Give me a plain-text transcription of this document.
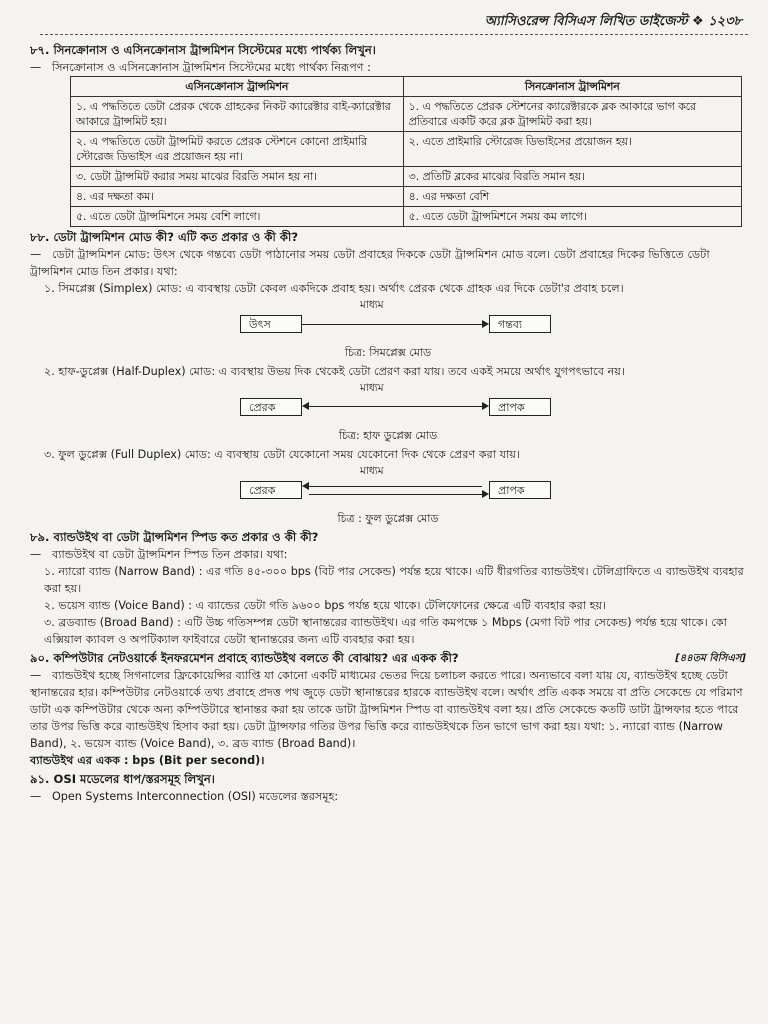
অ্যাসিওরেন্স বিসিএস লিখিত ডাইজেস্ট ❖ ১২৩৮

৮৭. সিনক্রোনাস ও এসিনক্রোনাস ট্রান্সমিশন সিস্টেমের মধ্যে পার্থক্য লিখুন।

— সিনক্রোনাস ও এসিনক্রোনাস ট্রান্সমিশন সিস্টেমের মধ্যে পার্থক্য নিরূপণ :

এসিনক্রোনাস ট্রান্সমিশন	সিনক্রোনাস ট্রান্সমিশন
১. এ পদ্ধতিতে ডেটা প্রেরক থেকে গ্রাহকের নিকট ক্যারেক্টার বাই-ক্যারেক্টার আকারে ট্রান্সমিট হয়।	১. এ পদ্ধতিতে প্রেরক স্টেশনের ক্যারেক্টারকে ব্লক আকারে ভাগ করে প্রতিবারে একটি করে ব্লক ট্রান্সমিট করা হয়।
২. এ পদ্ধতিতে ডেটা ট্রান্সমিট করতে প্রেরক স্টেশনে কোনো প্রাইমারি স্টোরেজ ডিভাইস এর প্রয়োজন হয় না।	২. এতে প্রাইমারি স্টোরেজ ডিভাইসের প্রয়োজন হয়।
৩. ডেটা ট্রান্সমিট করার সময় মাঝের বিরতি সমান হয় না।	৩. প্রতিটি ব্লকের মাঝের বিরতি সমান হয়।
৪. এর দক্ষতা কম।	৪. এর দক্ষতা বেশি
৫. এতে ডেটা ট্রান্সমিশনে সময় বেশি লাগে।	৫. এতে ডেটা ট্রান্সমিশনে সময় কম লাগে।

৮৮. ডেটা ট্রান্সমিশন মোড কী? এটি কত প্রকার ও কী কী?

— ডেটা ট্রান্সমিশন মোড: উৎস থেকে গন্তব্যে ডেটা পাঠানোর সময় ডেটা প্রবাহের দিককে ডেটা ট্রান্সমিশন মোড বলে। ডেটা প্রবাহের দিকের ভিত্তিতে ডেটা ট্রান্সমিশন মোড তিন প্রকার। যথা:

১. সিমপ্লেক্স (Simplex) মোড: এ ব্যবস্থায় ডেটা কেবল একদিকে প্রবাহ হয়। অর্থাৎ প্রেরক থেকে গ্রাহক এর দিকে ডেটা'র প্রবাহ চলে।

মাধ্যম
উৎস	গন্তব্য

চিত্র: সিমপ্লেক্স মোড

২. হাফ-ডুপ্লেক্স (Half-Duplex) মোড: এ ব্যবস্থায় উভয় দিক থেকেই ডেটা প্রেরণ করা যায়। তবে একই সময়ে অর্থাৎ যুগপৎভাবে নয়।

মাধ্যম
প্রেরক	প্রাপক

চিত্র: হাফ ডুপ্লেক্স মোড

৩. ফুল ডুপ্লেক্স (Full Duplex) মোড: এ ব্যবস্থায় ডেটা যেকোনো সময় যেকোনো দিক থেকে প্রেরণ করা যায়।

মাধ্যম
প্রেরক	প্রাপক

চিত্র : ফুল ডুপ্লেক্স মোড

৮৯. ব্যান্ডউইথ বা ডেটা ট্রান্সমিশন স্পিড কত প্রকার ও কী কী?

— ব্যান্ডউইথ বা ডেটা ট্রান্সমিশন স্পিড তিন প্রকার। যথা:

১. ন্যারো ব্যান্ড (Narrow Band) : এর গতি ৪৫-৩০০ bps (বিট পার সেকেন্ড) পর্যন্ত হয়ে থাকে। এটি ধীরগতির ব্যান্ডউইথ। টেলিগ্রাফিতে এ ব্যান্ডউইথ ব্যবহার করা হয়।

২. ভয়েস ব্যান্ড (Voice Band) : এ ব্যান্ডের ডেটা গতি ৯৬০০ bps পর্যন্ত হয়ে থাকে। টেলিফোনের ক্ষেত্রে এটি ব্যবহার করা হয়।

৩. ব্রডব্যান্ড (Broad Band) : এটি উচ্চ গতিসম্পন্ন ডেটা স্থানান্তরের ব্যান্ডউইথ। এর গতি কমপক্ষে ১ Mbps (মেগা বিট পার সেকেন্ড) পর্যন্ত হয়ে থাকে। কো এক্সিয়াল ক্যাবল ও অপটিক্যাল ফাইবারে ডেটা স্থানান্তরের জন্য এটি ব্যবহার করা হয়।

৯০. কম্পিউটার নেটওয়ার্কে ইনফরমেশন প্রবাহে ব্যান্ডউইথ বলতে কী বোঝায়? এর একক কী?	[৪৪তম বিসিএস]

— ব্যান্ডউইথ হচ্ছে সিগনালের ফ্রিকোয়েন্সির ব্যাপ্তি যা কোনো একটি মাধ্যমের ভেতর দিয়ে চলাচল করতে পারে। অন্যভাবে বলা যায় যে, ব্যান্ডউইথ হচ্ছে ডেটা স্থানান্তরের হার। কম্পিউটার নেটওয়ার্কে তথ্য প্রবাহে প্রদত্ত পথ জুড়ে ডেটা স্থানান্তরের হারকে ব্যান্ডউইথ বলে। অর্থাৎ প্রতি একক সময়ে বা প্রতি সেকেন্ডে যে পরিমাণ ডাটা এক কম্পিউটার থেকে অন্য কম্পিউটারে স্থানান্তর করা হয় তাকে ডাটা ট্রান্সমিশন স্পিড বা ব্যান্ডউইথ বলা হয়। প্রতি সেকেন্ডে কতটি ডাটা ট্রান্সফার হতে পারে তার উপর ভিত্তি করে ব্যান্ডউইথ হিসাব করা হয়। ডেটা ট্রান্সফার গতির উপর ভিত্তি করে ব্যান্ডউইথকে তিন ভাগে ভাগ করা হয়। যথা: ১. ন্যারো ব্যান্ড (Narrow Band), ২. ভয়েস ব্যান্ড (Voice Band), ৩. ব্রড ব্যান্ড (Broad Band)।

ব্যান্ডউইথ এর একক : bps (Bit per second)।

৯১. OSI মডেলের ধাপ/স্তরসমূহ লিখুন।

— Open Systems Interconnection (OSI) মডেলের স্তরসমূহ:
